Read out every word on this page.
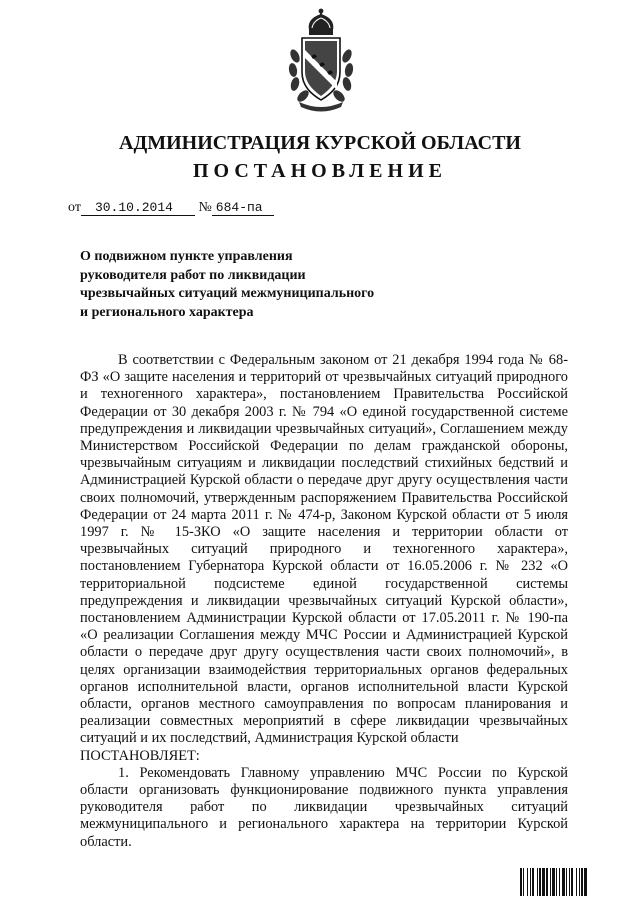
АДМИНИСТРАЦИЯ КУРСКОЙ ОБЛАСТИ
ПОСТАНОВЛЕНИЕ
от 30.10.2014 № 684-па
О подвижном пункте управления
руководителя работ по ликвидации
чрезвычайных ситуаций межмуниципального
и регионального характера

В соответствии с Федеральным законом от 21 декабря 1994 года № 68-ФЗ «О защите населения и территорий от чрезвычайных ситуаций природного и техногенного характера», постановлением Правительства Российской Федерации от 30 декабря 2003 г. № 794 «О единой государственной системе предупреждения и ликвидации чрезвычайных ситуаций», Соглашением между Министерством Российской Федерации по делам гражданской обороны, чрезвычайным ситуациям и ликвидации последствий стихийных бедствий и Администрацией Курской области о передаче друг другу осуществления части своих полномочий, утвержденным распоряжением Правительства Российской Федерации от 24 марта 2011 г. № 474-р, Законом Курской области от 5 июля 1997 г. № 15-ЗКО «О защите населения и территории области от чрезвычайных ситуаций природного и техногенного характера», постановлением Губернатора Курской области от 16.05.2006 г. № 232 «О территориальной подсистеме единой государственной системы предупреждения и ликвидации чрезвычайных ситуаций Курской области», постановлением Администрации Курской области от 17.05.2011 г. № 190-па «О реализации Соглашения между МЧС России и Администрацией Курской области о передаче друг другу осуществления части своих полномочий», в целях организации взаимодействия территориальных органов федеральных органов исполнительной власти, органов исполнительной власти Курской области, органов местного самоуправления по вопросам планирования и реализации совместных мероприятий в сфере ликвидации чрезвычайных ситуаций и их последствий, Администрация Курской области

ПОСТАНОВЛЯЕТ:

1. Рекомендовать Главному управлению МЧС России по Курской области организовать функционирование подвижного пункта управления руководителя работ по ликвидации чрезвычайных ситуаций межмуниципального и регионального характера на территории Курской области.
